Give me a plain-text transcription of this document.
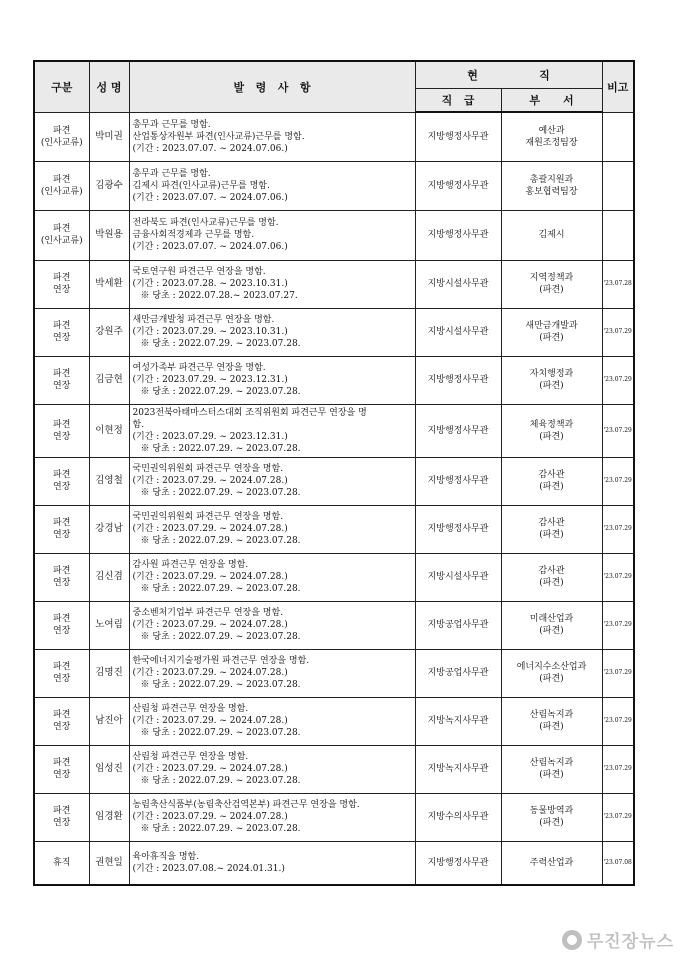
구분	성 명	발   령   사   항	현                직		비고
			직   급	부      서	

파견
(인사교류)	박미권	총무과 근무를 명함.
산업통상자원부 파견(인사교류)근무를 명함.
(기간 : 2023.07.07. ~ 2024.07.06.)	지방행정사무관	예산과
재원조정팀장	

파견
(인사교류)	김광수	총무과 근무를 명함.
김제시 파견(인사교류)근무를 명함.
(기간 : 2023.07.07. ~ 2024.07.06.)	지방행정사무관	총괄지원과
홍보협력팀장	

파견
(인사교류)	박원용	전라북도 파견(인사교류)근무를 명함.
금융사회적경제과 근무를 명함.
(기간 : 2023.07.07. ~ 2024.07.06.)	지방행정사무관	김제시	

파견
연장	박세환	국토연구원 파견근무 연장을 명함.
(기간 : 2023.07.28. ~ 2023.10.31.)
※ 당초 : 2022.07.28.~ 2023.07.27.	지방시설사무관	지역정책과
(파견)	'23.07.28

파견
연장	강원주	새만금개발청 파견근무 연장을 명함.
(기간 : 2023.07.29. ~ 2023.10.31.)
※ 당초 : 2022.07.29. ~ 2023.07.28.	지방시설사무관	새만금개발과
(파견)	'23.07.29

파견
연장	김금현	여성가족부 파견근무 연장을 명함.
(기간 : 2023.07.29. ~ 2023.12.31.)
※ 당초 : 2022.07.29. ~ 2023.07.28.	지방행정사무관	자치행정과
(파견)	'23.07.29

파견
연장	이현정	2023전북아태마스터스대회 조직위원회 파견근무 연장을 명
함.
(기간 : 2023.07.29. ~ 2023.12.31.)
※ 당초 : 2022.07.29. ~ 2023.07.28.	지방행정사무관	체육정책과
(파견)	'23.07.29

파견
연장	김영철	국민권익위원회 파견근무 연장을 명함.
(기간 : 2023.07.29. ~ 2024.07.28.)
※ 당초 : 2022.07.29. ~ 2023.07.28.	지방행정사무관	감사관
(파견)	'23.07.29

파견
연장	강경남	국민권익위원회 파견근무 연장을 명함.
(기간 : 2023.07.29. ~ 2024.07.28.)
※ 당초 : 2022.07.29. ~ 2023.07.28.	지방행정사무관	감사관
(파견)	'23.07.29

파견
연장	김신겸	감사원 파견근무 연장을 명함.
(기간 : 2023.07.29. ~ 2024.07.28.)
※ 당초 : 2022.07.29. ~ 2023.07.28.	지방시설사무관	감사관
(파견)	'23.07.29

파견
연장	노여림	중소벤처기업부 파견근무 연장을 명함.
(기간 : 2023.07.29. ~ 2024.07.28.)
※ 당초 : 2022.07.29. ~ 2023.07.28.	지방공업사무관	미래산업과
(파견)	'23.07.29

파견
연장	김명진	한국에너지기술평가원 파견근무 연장을 명함.
(기간 : 2023.07.29. ~ 2024.07.28.)
※ 당초 : 2022.07.29. ~ 2023.07.28.	지방공업사무관	에너지수소산업과
(파견)	'23.07.29

파견
연장	남진아	산림청 파견근무 연장을 명함.
(기간 : 2023.07.29. ~ 2024.07.28.)
※ 당초 : 2022.07.29. ~ 2023.07.28.	지방녹지사무관	산림녹지과
(파견)	'23.07.29

파견
연장	임성진	산림청 파견근무 연장을 명함.
(기간 : 2023.07.29. ~ 2024.07.28.)
※ 당초 : 2022.07.29. ~ 2023.07.28.	지방녹지사무관	산림녹지과
(파견)	'23.07.29

파견
연장	임경환	농림축산식품부(농림축산검역본부) 파견근무 연장을 명함.
(기간 : 2023.07.29. ~ 2024.07.28.)
※ 당초 : 2022.07.29. ~ 2023.07.28.	지방수의사무관	동물방역과
(파견)	'23.07.29

휴직	권현일	육아휴직을 명함.
(기간 : 2023.07.08.~ 2024.01.31.)	지방행정사무관	주력산업과	'23.07.08
무진장뉴스
